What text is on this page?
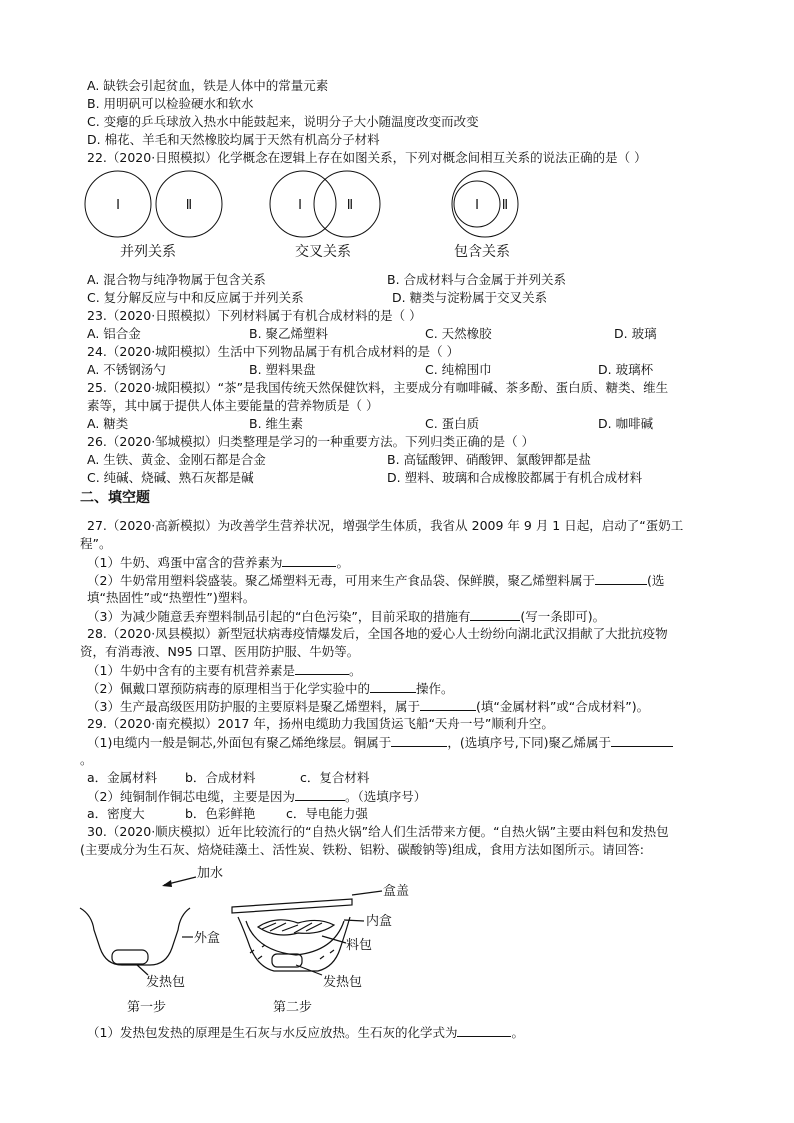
A. 缺铁会引起贫血，铁是人体中的常量元素
B. 用明矾可以检验硬水和软水
C. 变瘪的乒乓球放入热水中能鼓起来，说明分子大小随温度改变而改变
D. 棉花、羊毛和天然橡胶均属于天然有机高分子材料
22.（2020·日照模拟）化学概念在逻辑上存在如图关系，下列对概念间相互关系的说法正确的是（ ）
Ⅰ	Ⅱ	Ⅰ	Ⅱ	Ⅰ Ⅱ
并列关系	交叉关系	包含关系
A. 混合物与纯净物属于包含关系	B. 合成材料与合金属于并列关系
C. 复分解反应与中和反应属于并列关系	D. 糖类与淀粉属于交叉关系
23.（2020·日照模拟）下列材料属于有机合成材料的是（ ）
A. 铝合金	B. 聚乙烯塑料	C. 天然橡胶	D. 玻璃
24.（2020·城阳模拟）生活中下列物品属于有机合成材料的是（ ）
A. 不锈钢汤勺	B. 塑料果盘	C. 纯棉围巾	D. 玻璃杯
25.（2020·城阳模拟）“茶”是我国传统天然保健饮料，主要成分有咖啡碱、茶多酚、蛋白质、糖类、维生
素等，其中属于提供人体主要能量的营养物质是（ ）
A. 糖类	B. 维生素	C. 蛋白质	D. 咖啡碱
26.（2020·邹城模拟）归类整理是学习的一种重要方法。下列归类正确的是（ ）
A. 生铁、黄金、金刚石都是合金	B. 高锰酸钾、硝酸钾、氯酸钾都是盐
C. 纯碱、烧碱、熟石灰都是碱	D. 塑料、玻璃和合成橡胶都属于有机合成材料
二、填空题
27.（2020·高新模拟）为改善学生营养状况，增强学生体质，我省从 2009 年 9 月 1 日起，启动了“蛋奶工
程”。
（1）牛奶、鸡蛋中富含的营养素为	。
（2）牛奶常用塑料袋盛装。聚乙烯塑料无毒，可用来生产食品袋、保鲜膜，聚乙烯塑料属于	(选
填“热固性”或“热塑性”)塑料。
（3）为减少随意丢弃塑料制品引起的“白色污染”，目前采取的措施有	(写一条即可)。
28.（2020·凤县模拟）新型冠状病毒疫情爆发后，全国各地的爱心人士纷纷向湖北武汉捐献了大批抗疫物
资，有消毒液、N95 口罩、医用防护服、牛奶等。
（1）牛奶中含有的主要有机营养素是	。
（2）佩戴口罩预防病毒的原理相当于化学实验中的	操作。
（3）生产最高级医用防护服的主要原料是聚乙烯塑料，属于	(填“金属材料”或“合成材料”)。
29.（2020·南充模拟）2017 年，扬州电缆助力我国货运飞船“天舟一号”顺利升空。
（1)电缆内一般是铜芯,外面包有聚乙烯绝缘层。铜属于	，(选填序号,下同)聚乙烯属于
。
a．金属材料 b．合成材料	c．复合材料
（2）纯铜制作铜芯电缆，主要是因为	。（选填序号）
a．密度大	b．色彩鲜艳 c．导电能力强
30.（2020·顺庆模拟）近年比较流行的“自热火锅”给人们生活带来方便。“自热火锅”主要由料包和发热包
(主要成分为生石灰、焙烧硅藻土、活性炭、铁粉、铝粉、碳酸钠等)组成，食用方法如图所示。请回答:
加水
外盒
发热包
第一步
盒盖
内盒
料包
发热包
第二步
（1）发热包发热的原理是生石灰与水反应放热。生石灰的化学式为	。
